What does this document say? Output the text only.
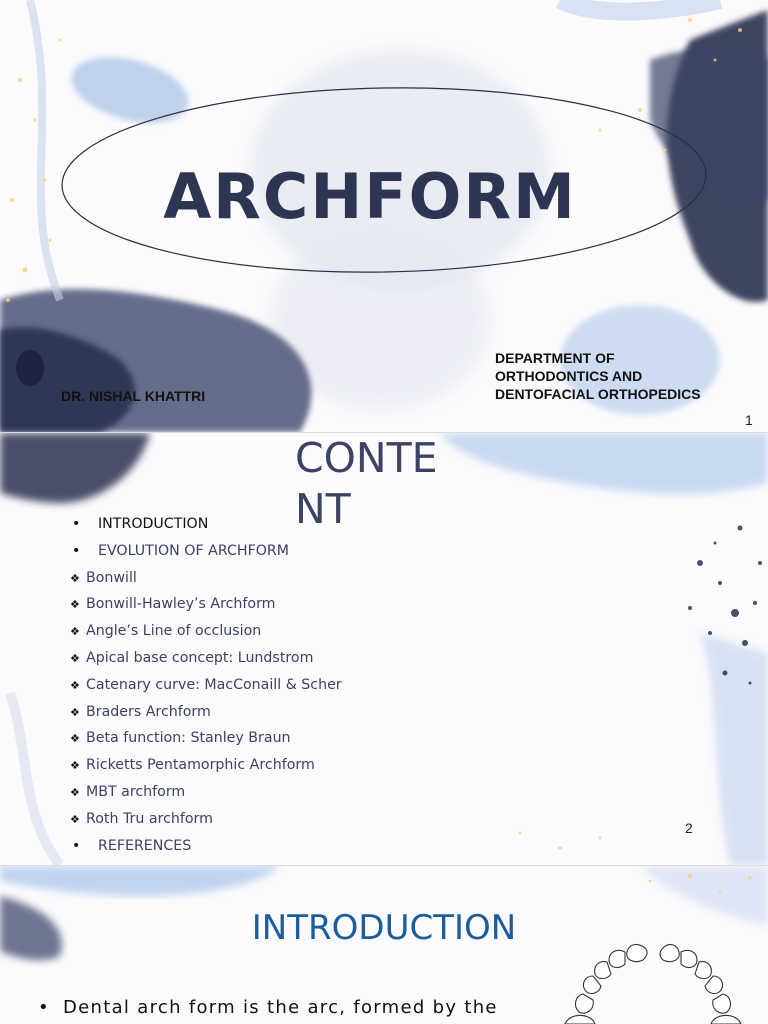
ARCHFORM
DEPARTMENT OF
ORTHODONTICS AND
DENTOFACIAL ORTHOPEDICS
DR. NISHAL KHATTRI
1
CONTENT
• INTRODUCTION
• EVOLUTION OF ARCHFORM
❖ Bonwill
❖ Bonwill-Hawley’s Archform
❖ Angle’s Line of occlusion
❖ Apical base concept: Lundstrom
❖ Catenary curve: MacConaill & Scher
❖ Braders Archform
❖ Beta function: Stanley Braun
❖ Ricketts Pentamorphic Archform
❖ MBT archform
❖ Roth Tru archform
• REFERENCES
2
INTRODUCTION
• Dental arch form is the arc, formed by the
